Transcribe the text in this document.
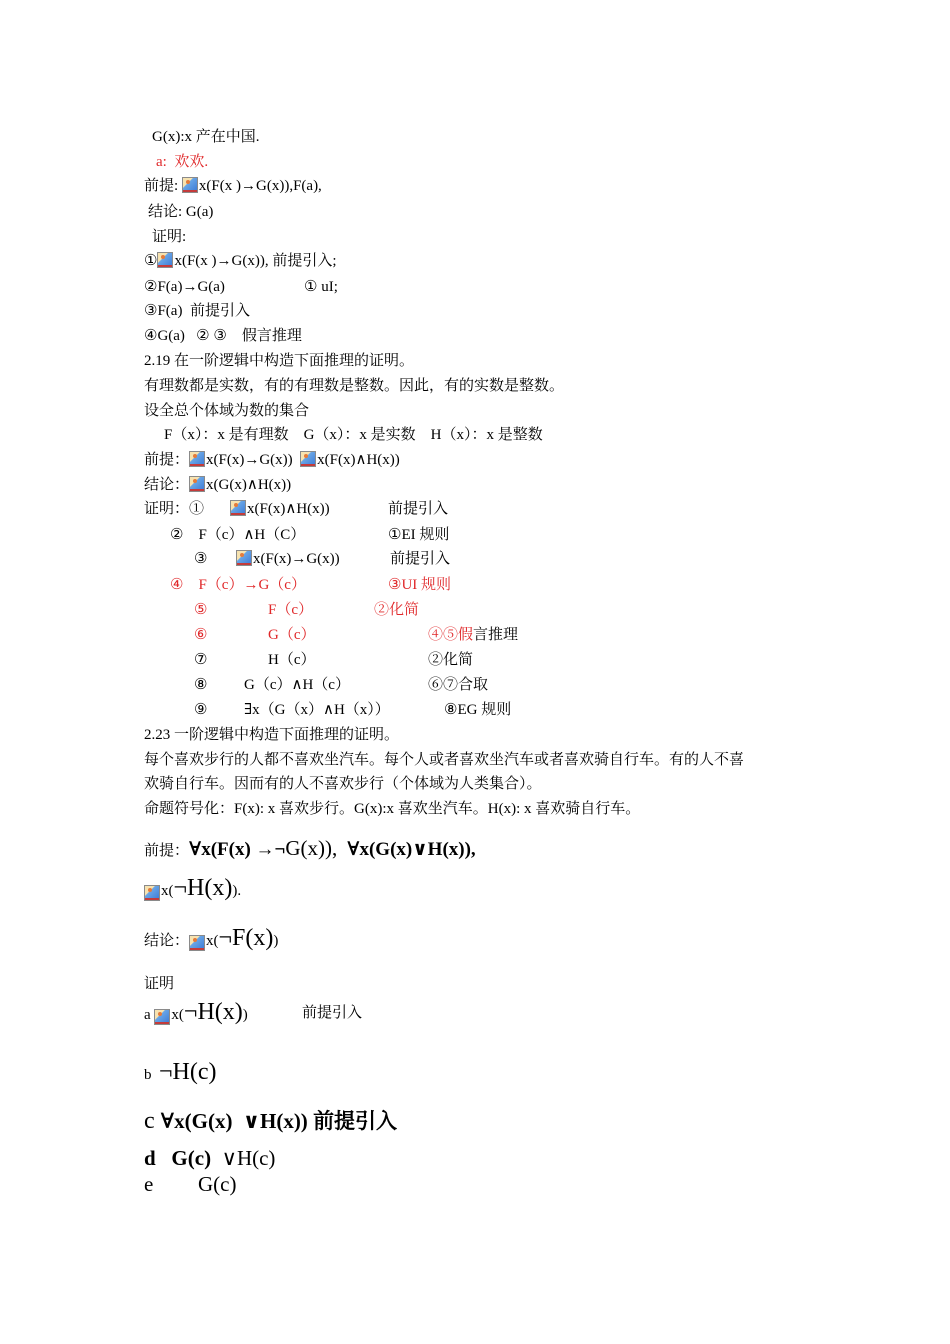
G(x):x 产在中国.
a:  欢欢.
前提: x(F(x )→G(x)),F(a),
结论: G(a)
证明:
① x(F(x )→G(x)), 前提引入;
②F(a)→G(a)	① uI;
③F(a)  前提引入
④G(a)   ② ③    假言推理
2.19 在一阶逻辑中构造下面推理的证明。
有理数都是实数，有的有理数是整数。因此，有的实数是整数。
设全总个体域为数的集合
F（x）：x 是有理数    G（x）：x 是实数    H（x）：x 是整数
前提： x(F(x)→G(x))  x(F(x)∧H(x))
结论： x(G(x)∧H(x))
证明：①	x(F(x)∧H(x))	前提引入
②    F（c）∧H（C）	①EI 规则
③	x(F(x)→G(x))	前提引入
④    F（c）→G（c）	③UI 规则
⑤	F（c）	②化简
⑥	G（c）	④⑤假言推理
⑦	H（c）	②化简
⑧ G（c）∧H（c）	⑥⑦合取
⑨ ∃x（G（x）∧H（x））	⑧EG 规则
2.23 一阶逻辑中构造下面推理的证明。
每个喜欢步行的人都不喜欢坐汽车。每个人或者喜欢坐汽车或者喜欢骑自行车。有的人不喜
欢骑自行车。因而有的人不喜欢步行（个体域为人类集合）。
命题符号化：F(x): x 喜欢步行。G(x):x 喜欢坐汽车。H(x): x 喜欢骑自行车。
前提：∀x(F(x) →¬G(x)),  ∀x(G(x)∨H(x)),
x(¬H(x)).
结论： x(¬F(x))
证明
a x(¬H(x))	前提引入
b  ¬H(c)
c ∀x(G(x)  ∨H(x)) 前提引入
d   G(c)  ∨H(c)
e G(c)
